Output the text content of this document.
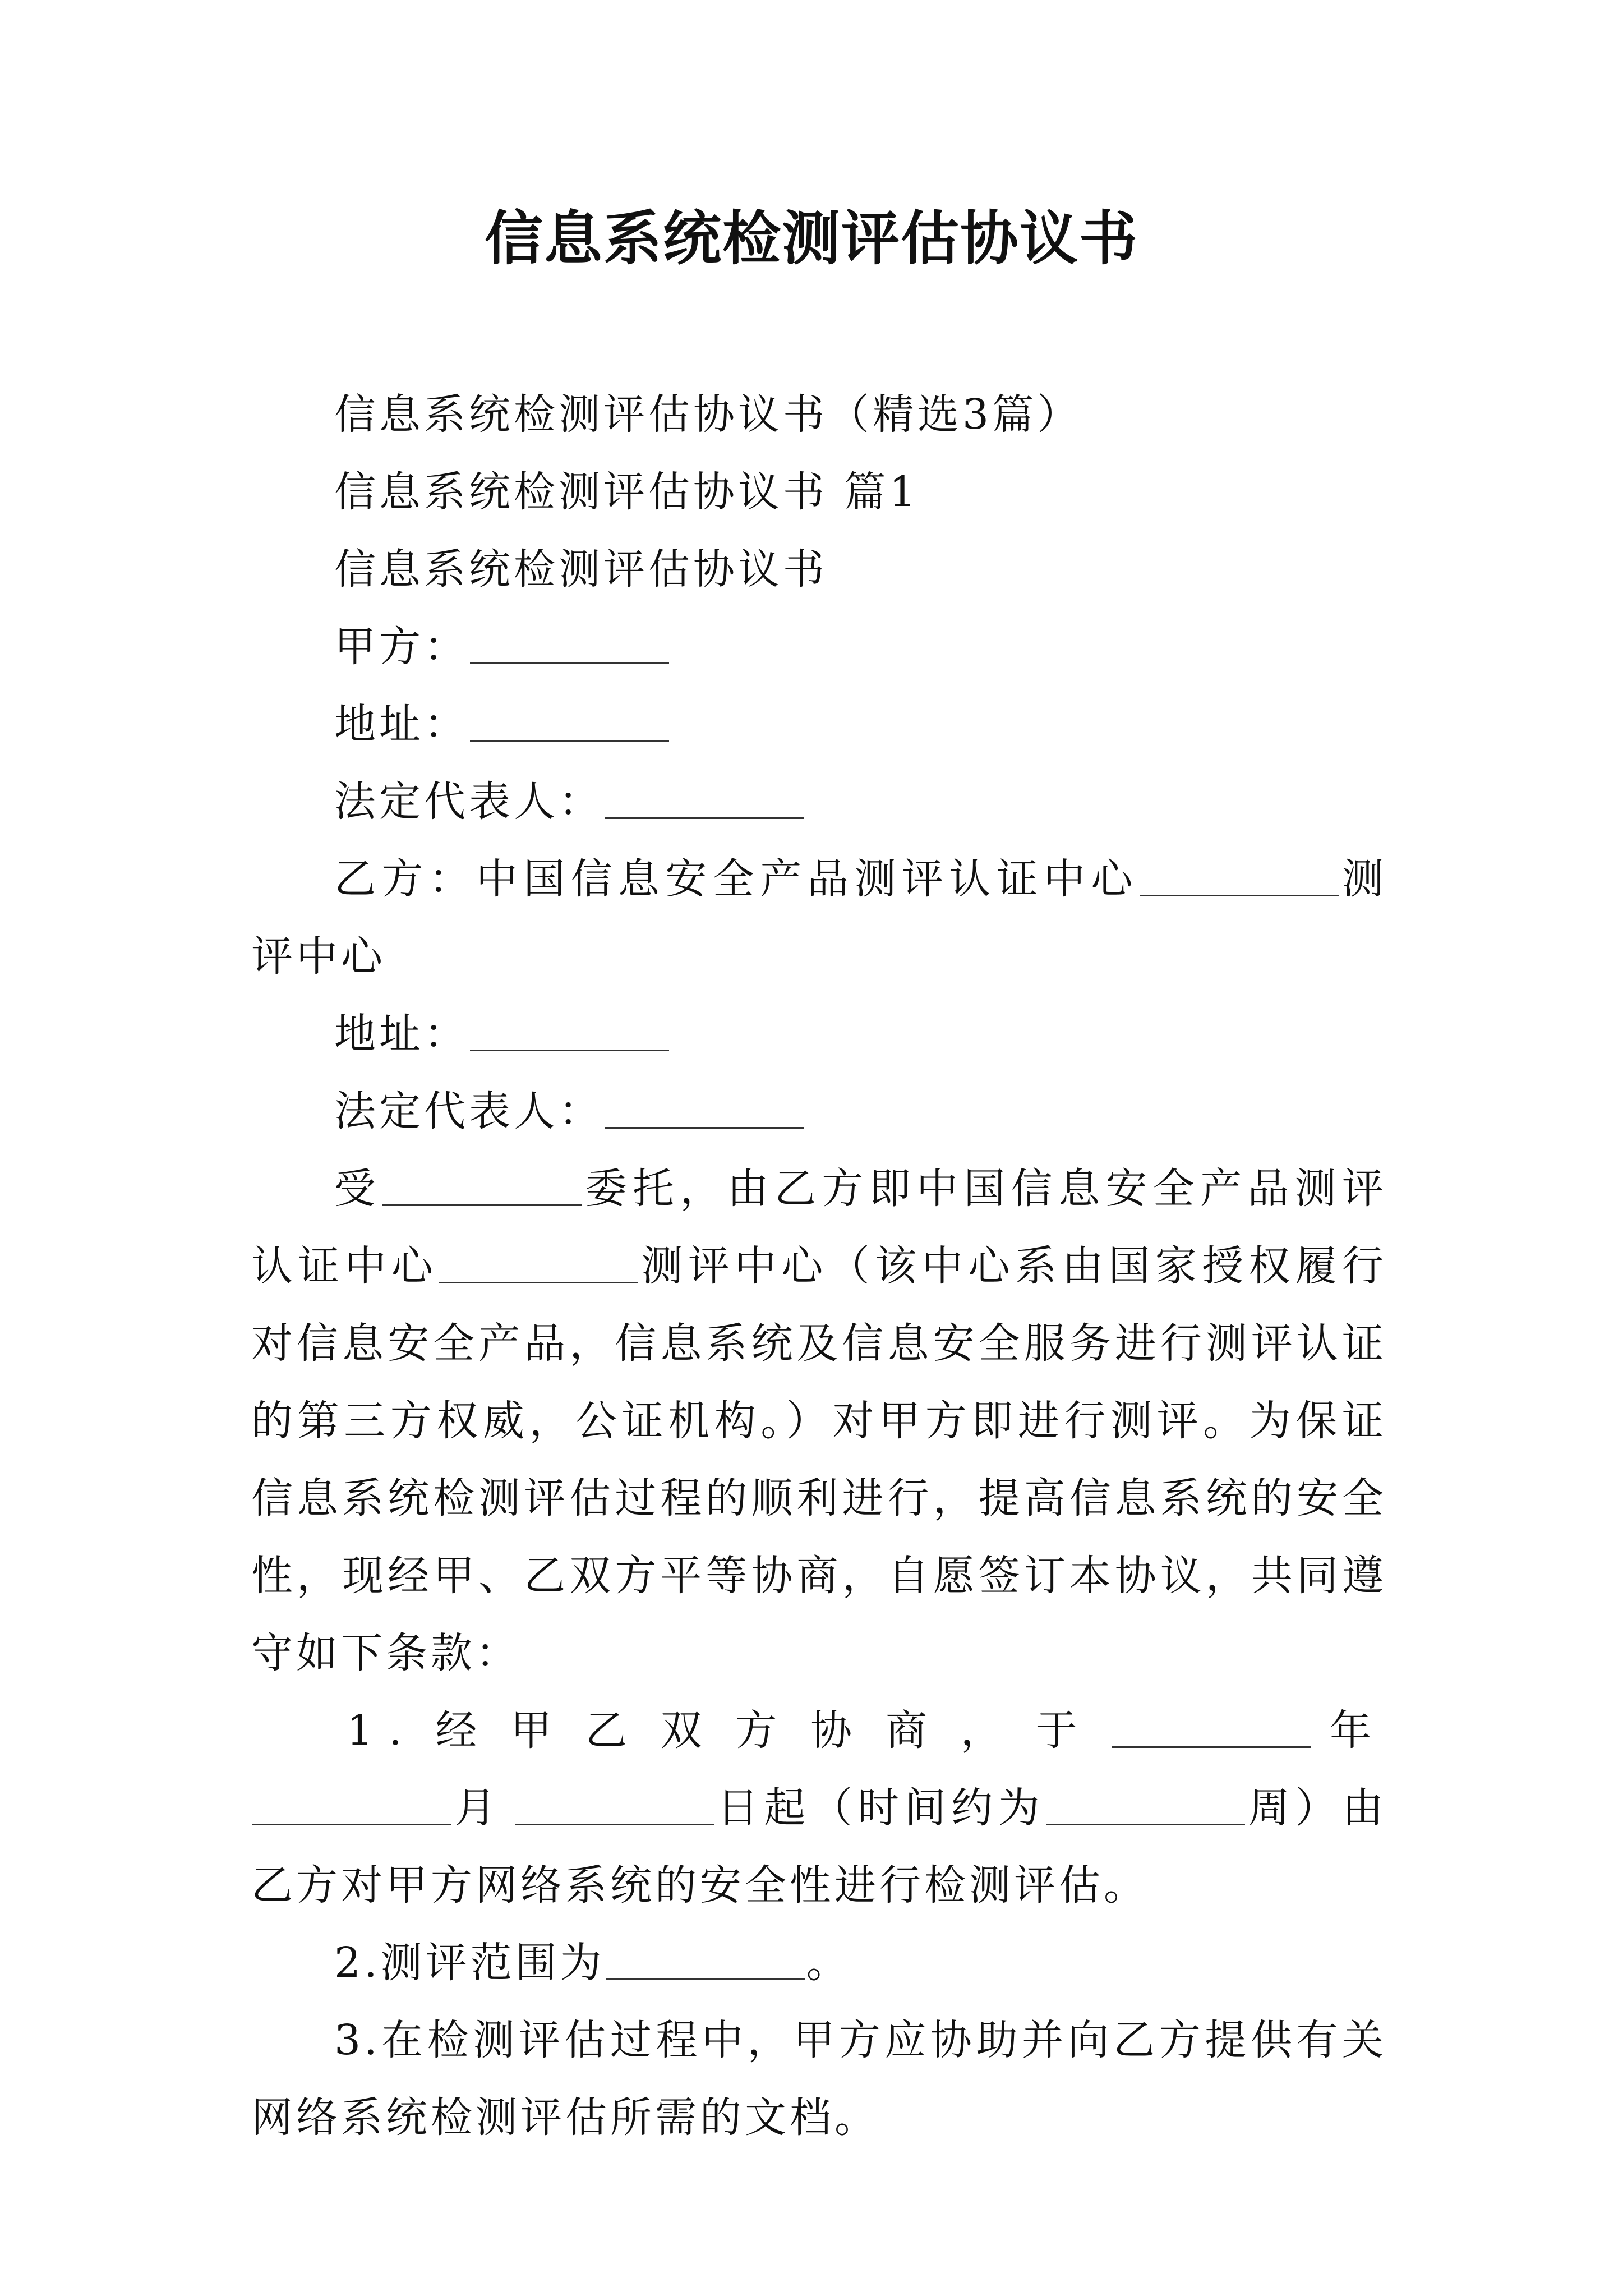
信息系统检测评估协议书

信息系统检测评估协议书（精选3篇）

信息系统检测评估协议书 篇1

信息系统检测评估协议书

甲方：

地址：

法定代表人：

乙方：中国信息安全产品测评认证中心	测评中心

地址：

法定代表人：

受	委托，由乙方即中国信息安全产品测评认证中心	测评中心（该中心系由国家授权履行对信息安全产品，信息系统及信息安全服务进行测评认证的第三方权威，公证机构。）对甲方即进行测评。为保证信息系统检测评估过程的顺利进行，提高信息系统的安全性，现经甲、乙双方平等协商，自愿签订本协议，共同遵守如下条款：

1.经甲乙双方协商，于	年月	日起（时间约为	周）由乙方对甲方网络系统的安全性进行检测评估。

2.测评范围为	。

3.在检测评估过程中，甲方应协助并向乙方提供有关网络系统检测评估所需的文档。
